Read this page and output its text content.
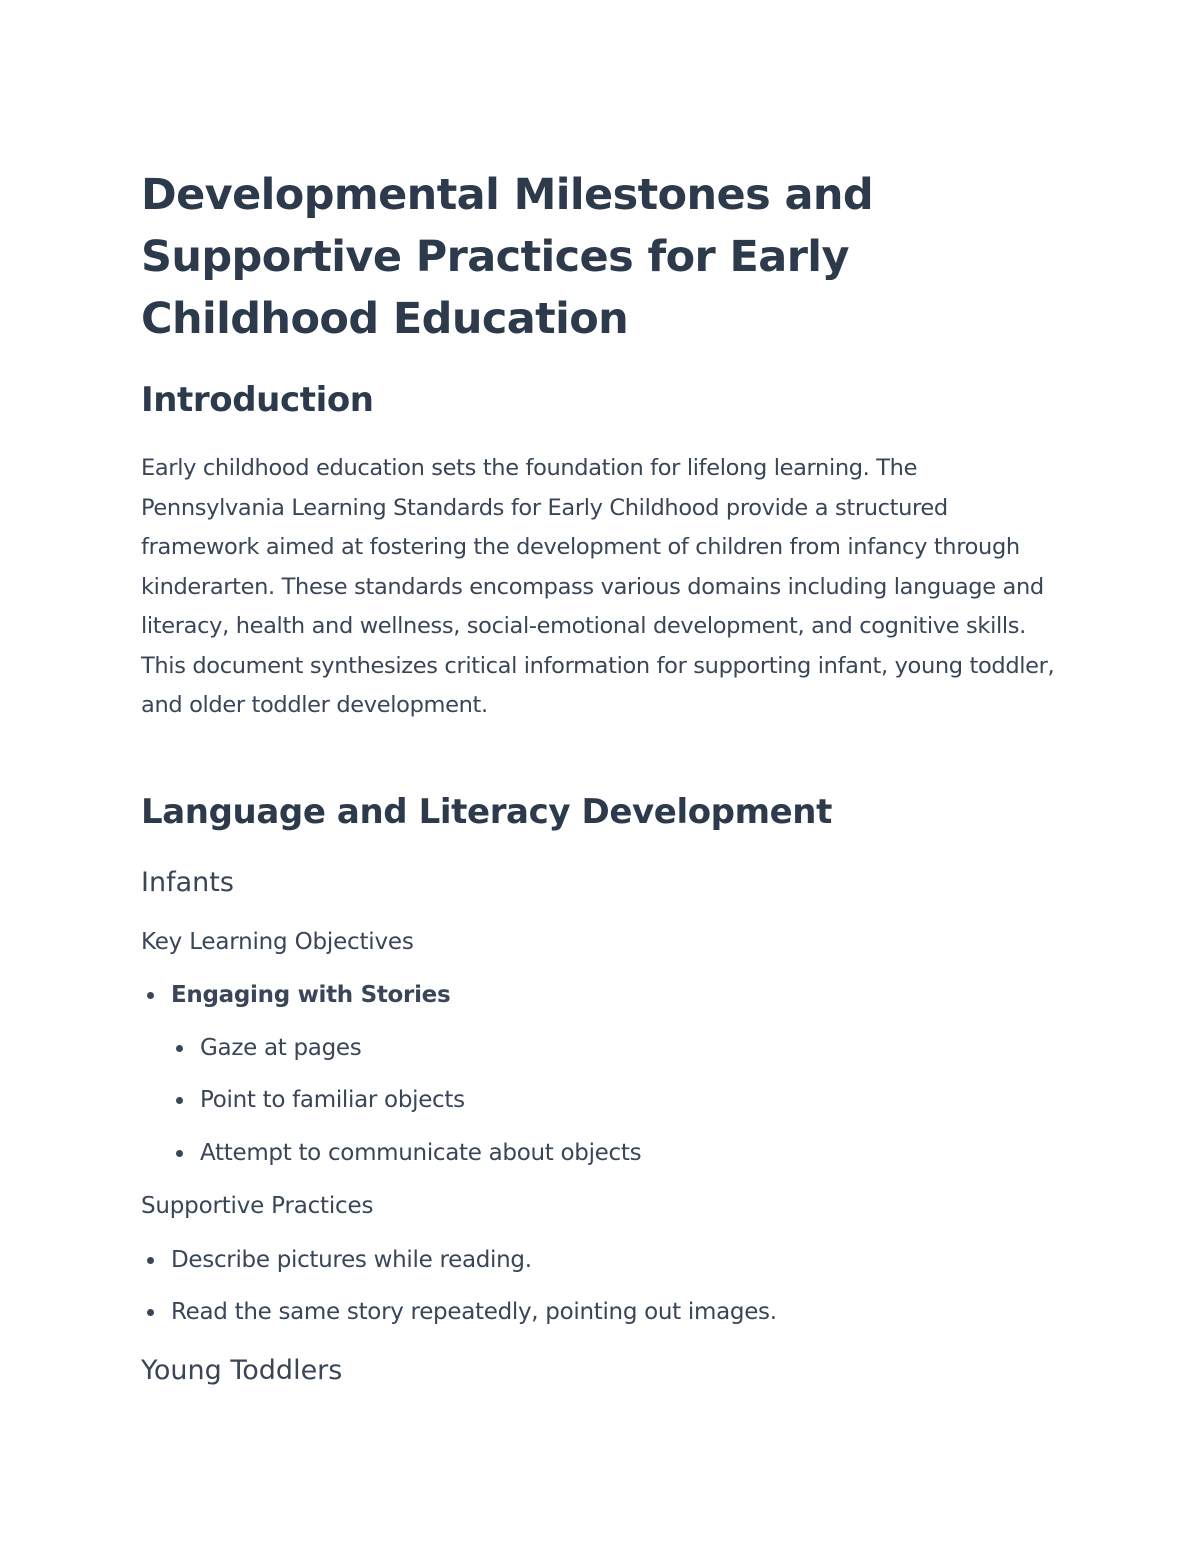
Developmental Milestones and Supportive Practices for Early Childhood Education
Introduction

Early childhood education sets the foundation for lifelong learning. The Pennsylvania Learning Standards for Early Childhood provide a structured framework aimed at fostering the development of children from infancy through kinderarten. These standards encompass various domains including language and literacy, health and wellness, social-emotional development, and cognitive skills. This document synthesizes critical information for supporting infant, young toddler, and older toddler development.

Language and Literacy Development
Infants
Key Learning Objectives
Engaging with Stories
Gaze at pages
Point to familiar objects
Attempt to communicate about objects
Supportive Practices
Describe pictures while reading.
Read the same story repeatedly, pointing out images.
Young Toddlers
